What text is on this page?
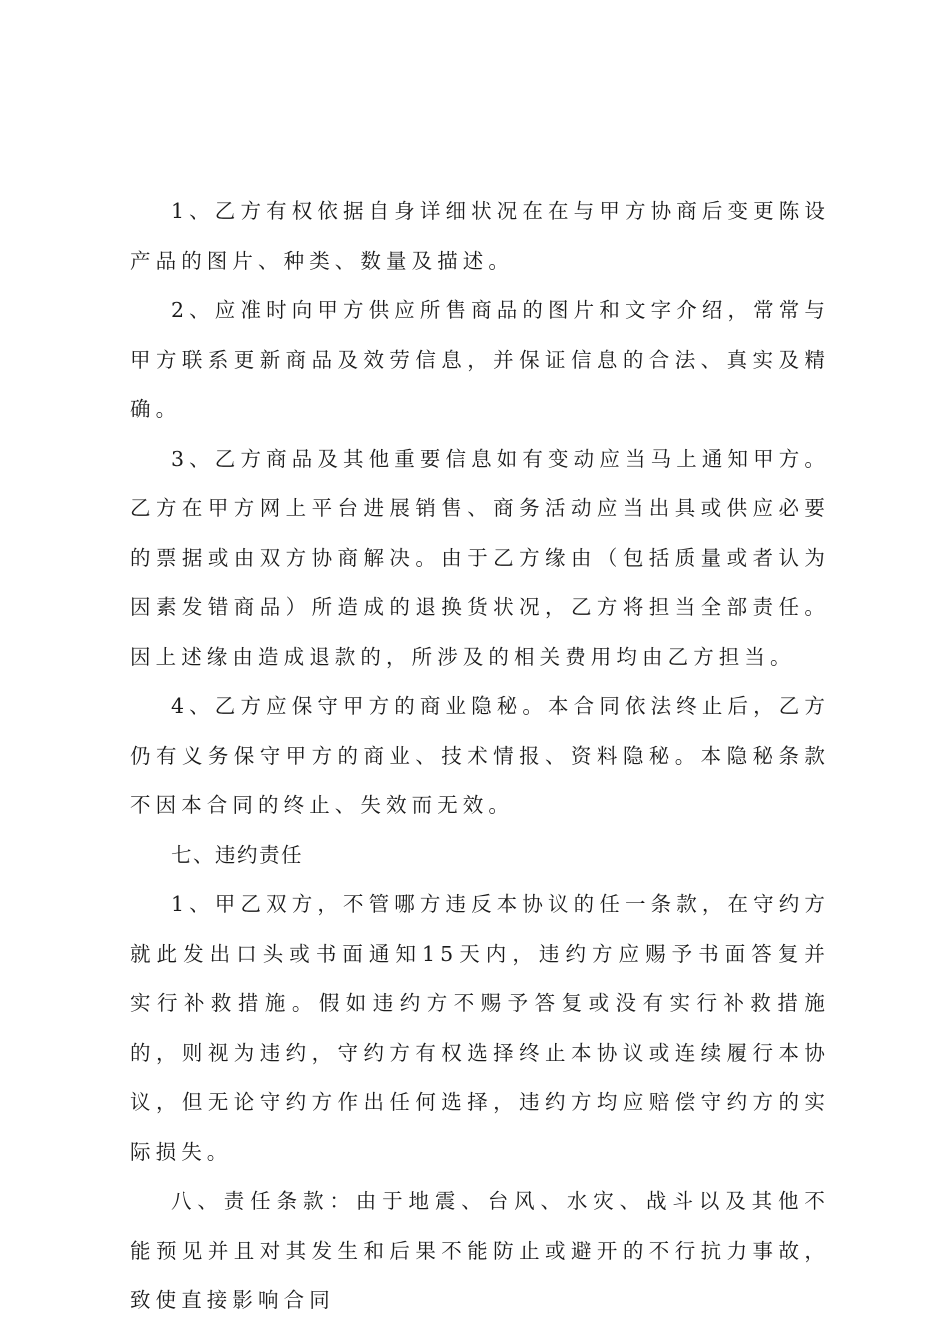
1、乙方有权依据自身详细状况在在与甲方协商后变更陈设产品的图片、种类、数量及描述。

2、应准时向甲方供应所售商品的图片和文字介绍，常常与甲方联系更新商品及效劳信息，并保证信息的合法、真实及精确。

3、乙方商品及其他重要信息如有变动应当马上通知甲方。乙方在甲方网上平台进展销售、商务活动应当出具或供应必要的票据或由双方协商解决。由于乙方缘由（包括质量或者认为因素发错商品）所造成的退换货状况，乙方将担当全部责任。因上述缘由造成退款的，所涉及的相关费用均由乙方担当。

4、乙方应保守甲方的商业隐秘。本合同依法终止后，乙方仍有义务保守甲方的商业、技术情报、资料隐秘。本隐秘条款不因本合同的终止、失效而无效。

七、违约责任

1、甲乙双方，不管哪方违反本协议的任一条款，在守约方就此发出口头或书面通知15天内，违约方应赐予书面答复并实行补救措施。假如违约方不赐予答复或没有实行补救措施的，则视为违约，守约方有权选择终止本协议或连续履行本协议，但无论守约方作出任何选择，违约方均应赔偿守约方的实际损失。

八、责任条款：由于地震、台风、水灾、战斗以及其他不能预见并且对其发生和后果不能防止或避开的不行抗力事故，致使直接影响合同
